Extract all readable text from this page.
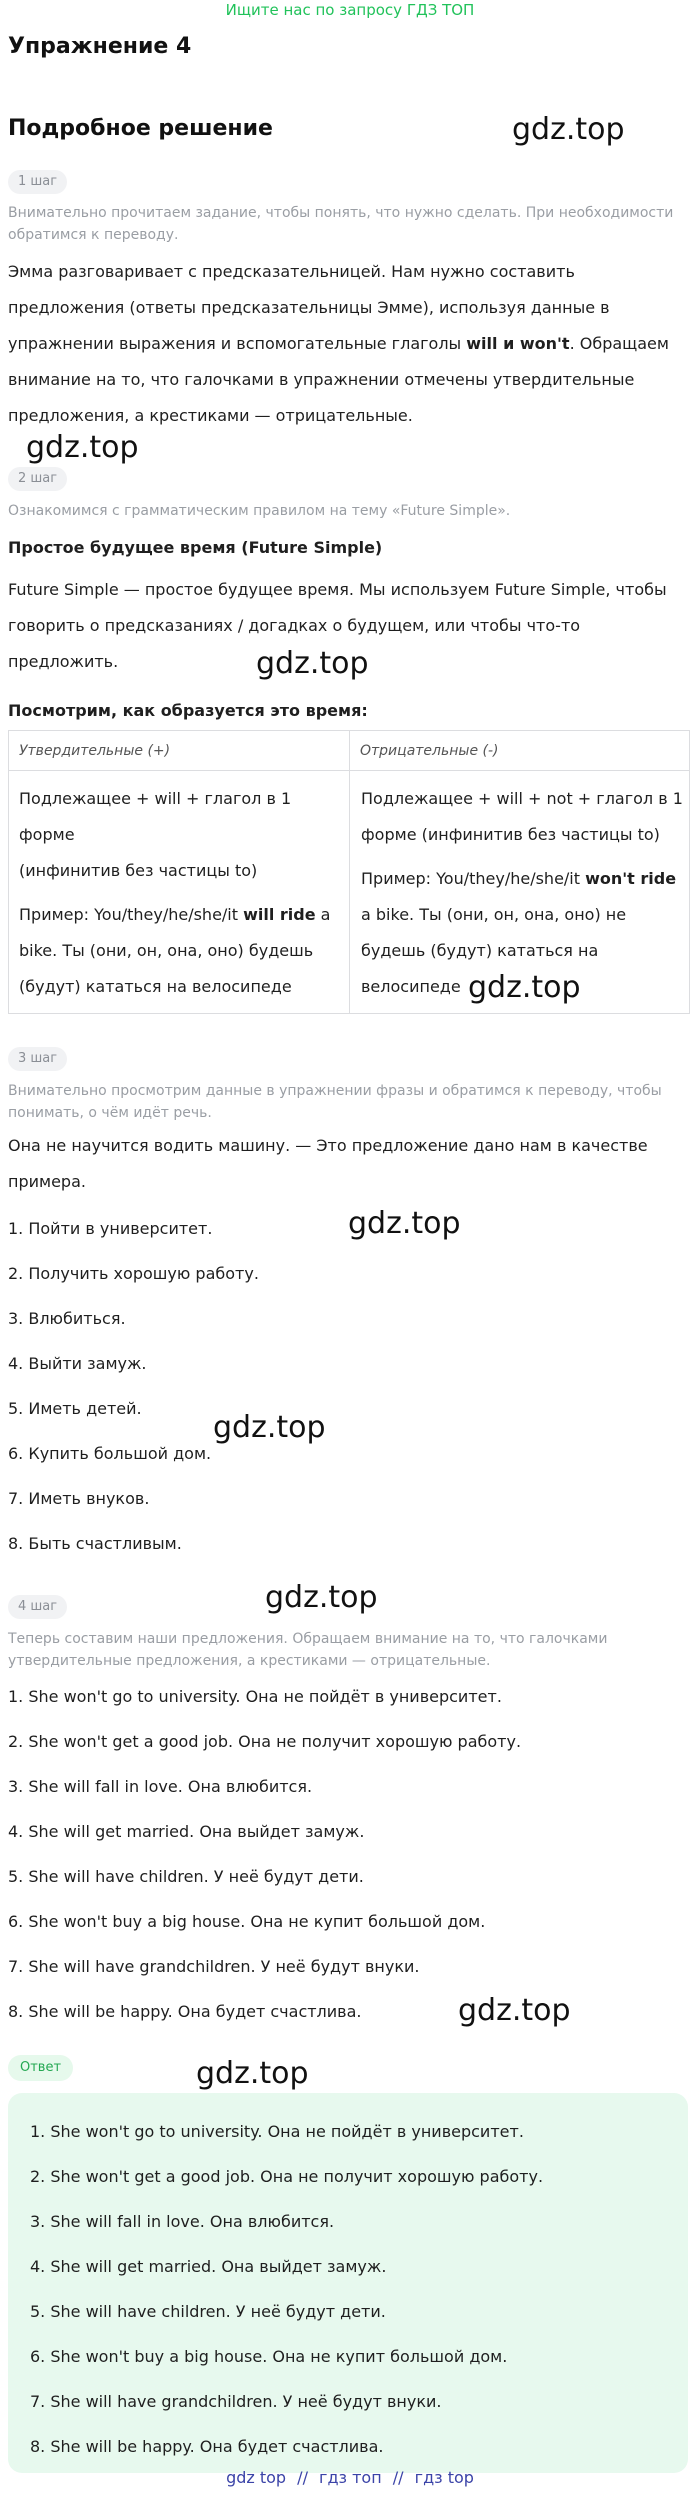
Ищите нас по запросу ГДЗ ТОП
Упражнение 4
Подробное решение	gdz.top
gdz.top
gdz.top
gdz.top
gdz.top
gdz.top
gdz.top
gdz.top
gdz.top
1 шаг
Внимательно прочитаем задание, чтобы понять, что нужно сделать. При необходимости обратимся к переводу.
Эмма разговаривает с предсказательницей. Нам нужно составить
предложения (ответы предсказательницы Эмме), используя данные в
упражнении выражения и вспомогательные глаголы will и won't. Обращаем
внимание на то, что галочками в упражнении отмечены утвердительные
предложения, а крестиками — отрицательные.
2 шаг
Ознакомимся с грамматическим правилом на тему «Future Simple».
Простое будущее время (Future Simple)
Future Simple — простое будущее время. Мы используем Future Simple, чтобы
говорить о предсказаниях / догадках о будущем, или чтобы что-то
предложить.
Посмотрим, как образуется это время:
Утвердительные (+)	Отрицательные (-)
Подлежащее + will + глагол в 1 форме
(инфинитив без частицы to)
Пример: You/they/he/she/it will ride a
bike. Ты (они, он, она, оно) будешь
(будут) кататься на велосипеде
Подлежащее + will + not + глагол в 1
форме (инфинитив без частицы to)
Пример: You/they/he/she/it won't ride
a bike. Ты (они, он, она, оно) не
будешь (будут) кататься на
велосипеде
3 шаг
Внимательно просмотрим данные в упражнении фразы и обратимся к переводу, чтобы понимать, о чём идёт речь.
Она не научится водить машину. — Это предложение дано нам в качестве
примера.
1. Пойти в университет.
2. Получить хорошую работу.
3. Влюбиться.
4. Выйти замуж.
5. Иметь детей.
6. Купить большой дом.
7. Иметь внуков.
8. Быть счастливым.
4 шаг
Теперь составим наши предложения. Обращаем внимание на то, что галочками утвердительные предложения, а крестиками — отрицательные.
1. She won't go to university. Она не пойдёт в университет.
2. She won't get a good job. Она не получит хорошую работу.
3. She will fall in love. Она влюбится.
4. She will get married. Она выйдет замуж.
5. She will have children. У неё будут дети.
6. She won't buy a big house. Она не купит большой дом.
7. She will have grandchildren. У неё будут внуки.
8. She will be happy. Она будет счастлива.
Ответ
1. She won't go to university. Она не пойдёт в университет.
2. She won't get a good job. Она не получит хорошую работу.
3. She will fall in love. Она влюбится.
4. She will get married. Она выйдет замуж.
5. She will have children. У неё будут дети.
6. She won't buy a big house. Она не купит большой дом.
7. She will have grandchildren. У неё будут внуки.
8. She will be happy. Она будет счастлива.
gdz top // гдз топ // гдз top
